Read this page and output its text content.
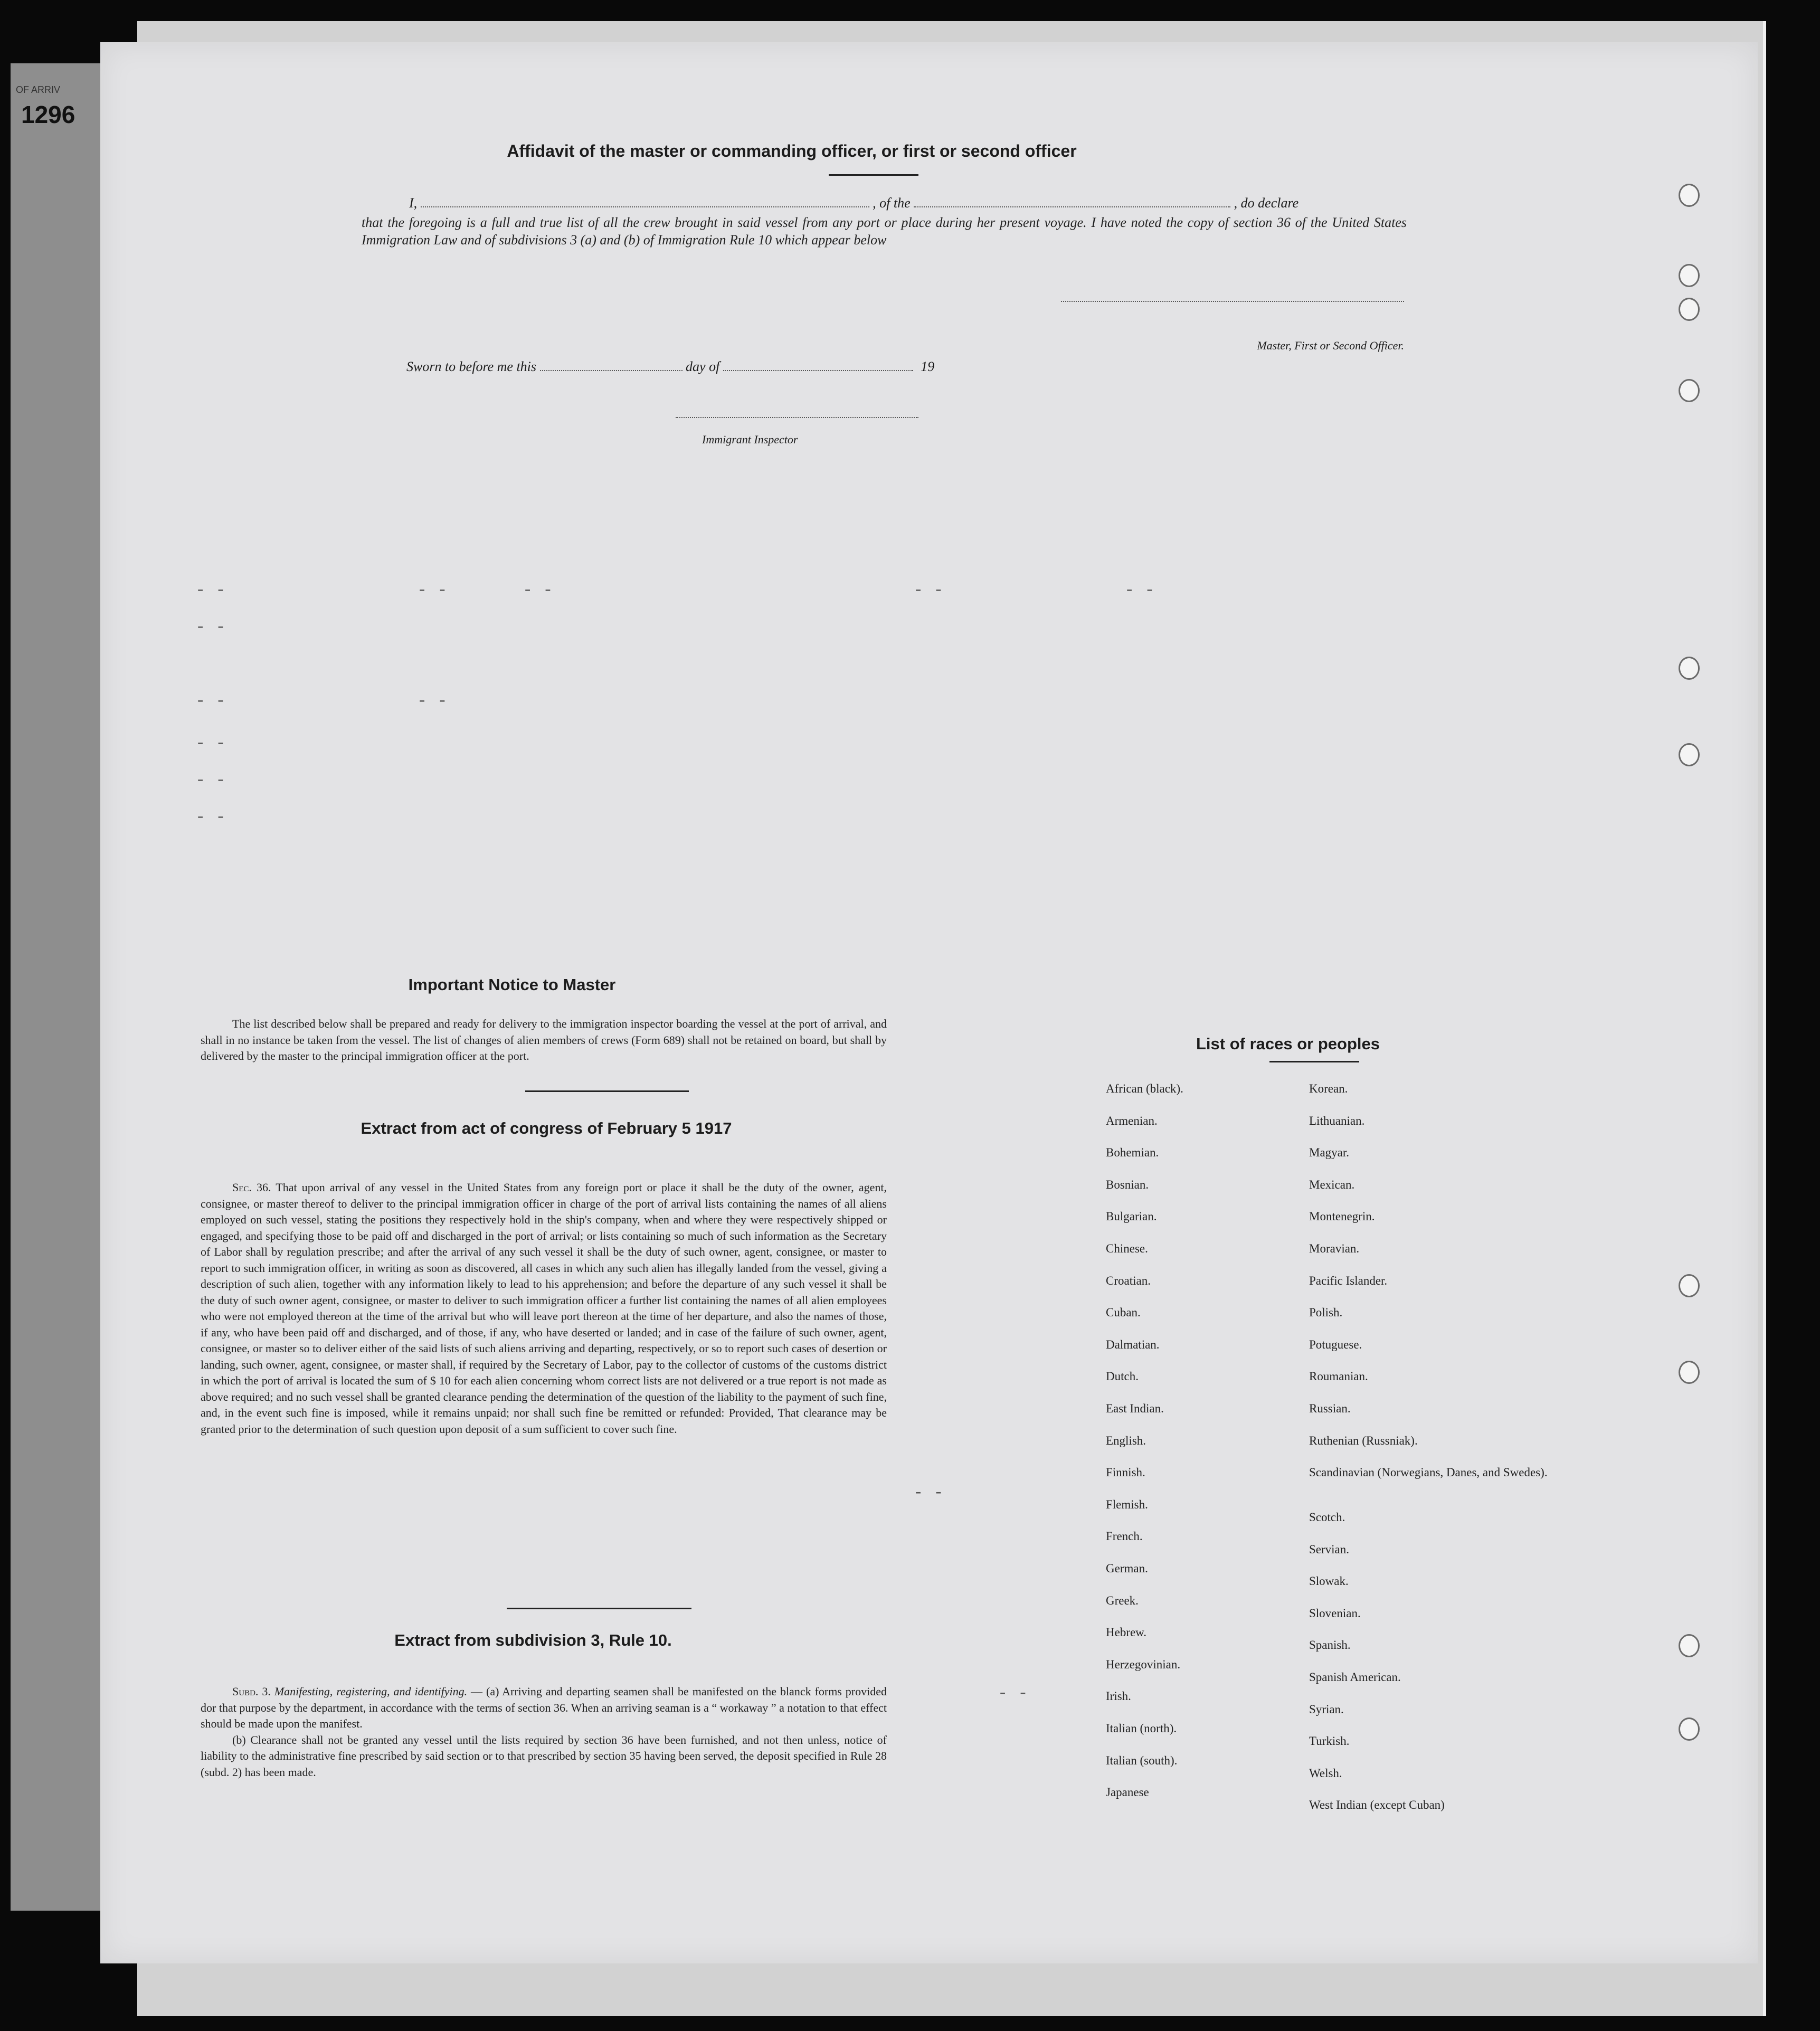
OF ARRIV
1296
Affidavit of the master or commanding officer, or first or second officer
I,	, of the	, do declare
that the foregoing is a full and true list of all the crew brought in said vessel from any port or place during her present voyage. I have noted the copy of section 36 of the United States Immigration Law and of subdivisions 3 (a) and (b) of Immigration Rule 10 which appear below
Master, First or Second Officer.
Sworn to before me this	day of	19
Immigrant Inspector
- -	- -	- -	- -	- -
- -
- -	- -
- -
- -
- -
- -
- -
Important Notice to Master
The list described below shall be prepared and ready for delivery to the immigration inspector boarding the vessel at the port of arrival, and shall in no instance be taken from the vessel. The list of changes of alien members of crews (Form 689) shall not be retained on board, but shall by delivered by the master to the principal immigration officer at the port.
Extract from act of congress of February 5 1917
Sec. 36. That upon arrival of any vessel in the United States from any foreign port or place it shall be the duty of the owner, agent, consignee, or master thereof to deliver to the principal immigration officer in charge of the port of arrival lists containing the names of all aliens employed on such vessel, stating the positions they respectively hold in the ship's company, when and where they were respectively shipped or engaged, and specifying those to be paid off and discharged in the port of arrival; or lists containing so much of such information as the Secretary of Labor shall by regulation prescribe; and after the arrival of any such vessel it shall be the duty of such owner, agent, consignee, or master to report to such immigration officer, in writing as soon as discovered, all cases in which any such alien has illegally landed from the vessel, giving a description of such alien, together with any information likely to lead to his apprehension; and before the departure of any such vessel it shall be the duty of such owner agent, consignee, or master to deliver to such immigration officer a further list containing the names of all alien employees who were not employed thereon at the time of the arrival but who will leave port thereon at the time of her departure, and also the names of those, if any, who have been paid off and discharged, and of those, if any, who have deserted or landed; and in case of the failure of such owner, agent, consignee, or master so to deliver either of the said lists of such aliens arriving and departing, respectively, or so to report such cases of desertion or landing, such owner, agent, consignee, or master shall, if required by the Secretary of Labor, pay to the collector of customs of the customs district in which the port of arrival is located the sum of $ 10 for each alien concerning whom correct lists are not delivered or a true report is not made as above required; and no such vessel shall be granted clearance pending the determination of the question of the liability to the payment of such fine, and, in the event such fine is imposed, while it remains unpaid; nor shall such fine be remitted or refunded: Provided, That clearance may be granted prior to the determination of such question upon deposit of a sum sufficient to cover such fine.
Extract from subdivision 3, Rule 10.
Subd. 3. Manifesting, registering, and identifying. — (a) Arriving and departing seamen shall be manifested on the blanck forms provided dor that purpose by the department, in accordance with the terms of section 36. When an arriving seaman is a “ workaway ” a notation to that effect should be made upon the manifest.
(b) Clearance shall not be granted any vessel until the lists required by section 36 have been furnished, and not then unless, notice of liability to the administrative fine prescribed by said section or to that prescribed by section 35 having been served, the deposit specified in Rule 28 (subd. 2) has been made.
List of races or peoples
African (black).
Armenian.
Bohemian.
Bosnian.
Bulgarian.
Chinese.
Croatian.
Cuban.
Dalmatian.
Dutch.
East Indian.
English.
Finnish.
Flemish.
French.
German.
Greek.
Hebrew.
Herzegovinian.
Irish.
Italian (north).
Italian (south).
Japanese
Korean.
Lithuanian.
Magyar.
Mexican.
Montenegrin.
Moravian.
Pacific Islander.
Polish.
Potuguese.
Roumanian.
Russian.
Ruthenian (Russniak).
Scandinavian (Norwegians, Danes, and Swedes).
Scotch.
Servian.
Slowak.
Slovenian.
Spanish.
Spanish American.
Syrian.
Turkish.
Welsh.
West Indian (except Cuban)
